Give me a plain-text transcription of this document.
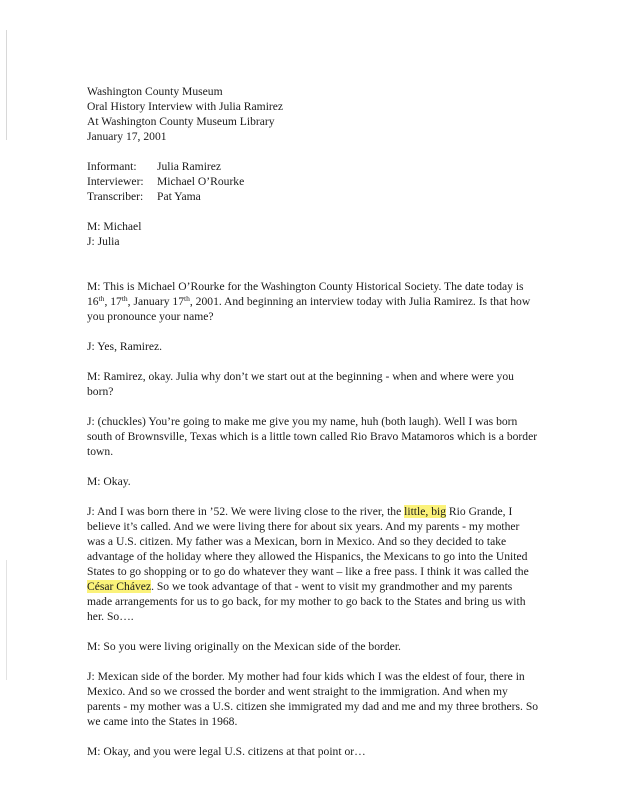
Washington County Museum
Oral History Interview with Julia Ramirez
At Washington County Museum Library
January 17, 2001
Informant:	Julia Ramirez
Interviewer:	Michael O’Rourke
Transcriber:	Pat Yama
M: Michael
J: Julia
M: This is Michael O’Rourke for the Washington County Historical Society. The date today is
16th, 17th, January 17th, 2001. And beginning an interview today with Julia Ramirez. Is that how
you pronounce your name?
J: Yes, Ramirez.
M: Ramirez, okay. Julia why don’t we start out at the beginning - when and where were you
born?
J: (chuckles) You’re going to make me give you my name, huh (both laugh). Well I was born
south of Brownsville, Texas which is a little town called Rio Bravo Matamoros which is a border
town.
M: Okay.
J: And I was born there in ’52. We were living close to the river, the little, big Rio Grande, I
believe it’s called. And we were living there for about six years. And my parents - my mother
was a U.S. citizen. My father was a Mexican, born in Mexico. And so they decided to take
advantage of the holiday where they allowed the Hispanics, the Mexicans to go into the United
States to go shopping or to go do whatever they want – like a free pass. I think it was called the
César Chávez. So we took advantage of that - went to visit my grandmother and my parents
made arrangements for us to go back, for my mother to go back to the States and bring us with
her. So….
M: So you were living originally on the Mexican side of the border.
J: Mexican side of the border. My mother had four kids which I was the eldest of four, there in
Mexico. And so we crossed the border and went straight to the immigration. And when my
parents - my mother was a U.S. citizen she immigrated my dad and me and my three brothers. So
we came into the States in 1968.
M: Okay, and you were legal U.S. citizens at that point or…
